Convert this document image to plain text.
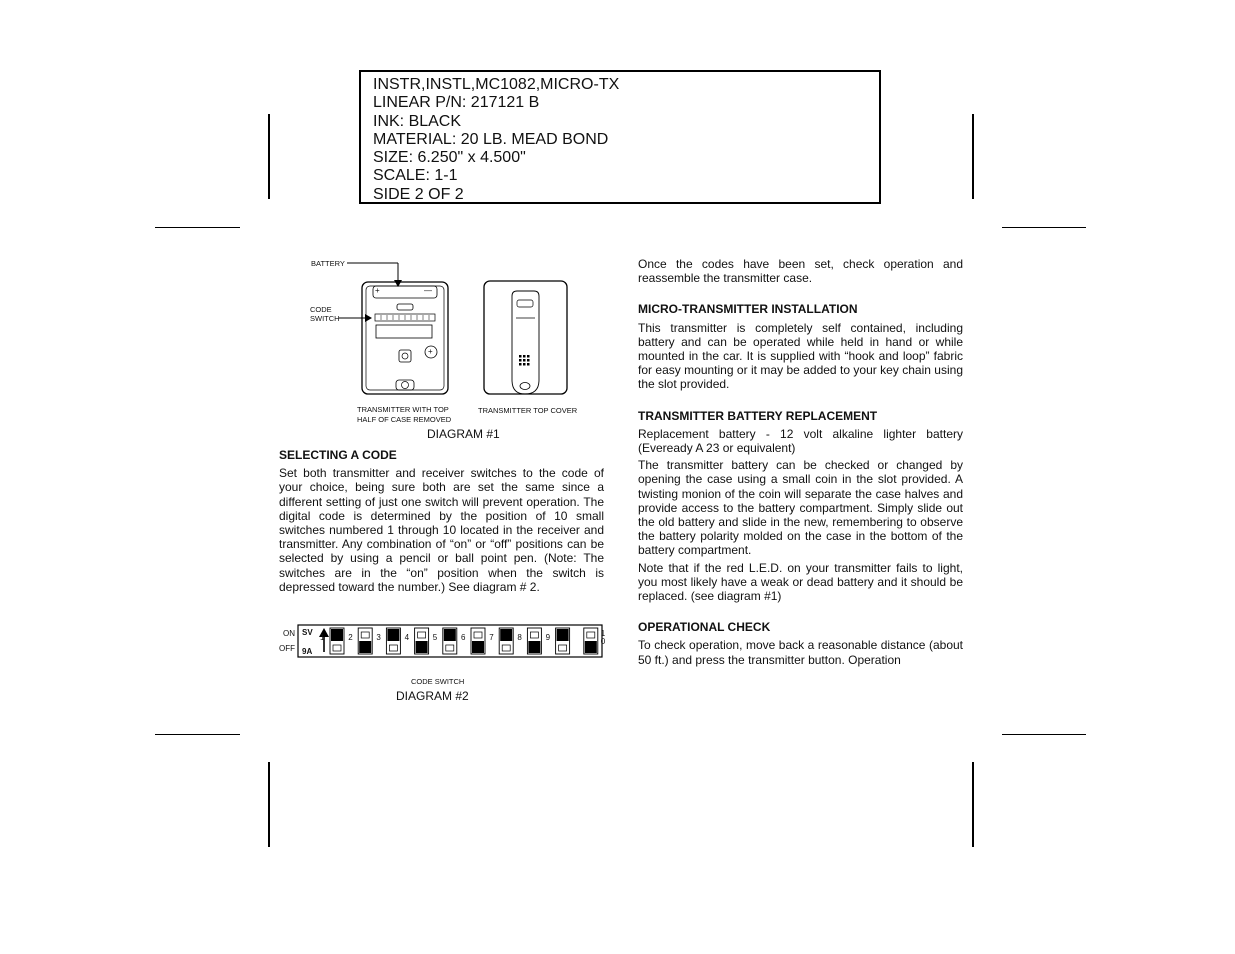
INSTR,INSTL,MC1082,MICRO-TX
LINEAR P/N: 217121 B
INK: BLACK
MATERIAL: 20 LB. MEAD BOND
SIZE: 6.250" x 4.500"
SCALE: 1-1
SIDE 2 OF 2
BATTERY
CODE
SWITCH
+	—
+
TRANSMITTER WITH TOP
HALF OF CASE REMOVED
TRANSMITTER TOP COVER
DIAGRAM #1
SELECTING A CODE

Set both transmitter and receiver switches to the code of your choice, being sure both are set the same since a different setting of just one switch will prevent operation. The digital code is determined by the position of 10 small switches numbered 1 through 10 located in the receiver and transmitter. Any combination of “on” or “off” positions can be selected by using a pencil or ball point pen. (Note: The switches are in the “on” position when the switch is depressed toward the number.) See diagram # 2.

ON
OFF
SV
9A
1	2	3	4	5	6	7	8	9	10
CODE SWITCH
DIAGRAM #2

Once the codes have been set, check operation and reassemble the transmitter case.

MICRO-TRANSMITTER INSTALLATION

This transmitter is completely self contained, including battery and can be operated while held in hand or while mounted in the car. It is supplied with “hook and loop” fabric for easy mounting or it may be added to your key chain using the slot provided.

TRANSMITTER BATTERY REPLACEMENT

Replacement battery - 12 volt alkaline lighter battery (Eveready A 23 or equivalent)

The transmitter battery can be checked or changed by opening the case using a small coin in the slot provided. A twisting monion of the coin will separate the case halves and provide access to the battery compartment. Simply slide out the old battery and slide in the new, remembering to observe the battery polarity molded on the case in the bottom of the battery compartment.

Note that if the red L.E.D. on your transmitter fails to light, you most likely have a weak or dead battery and it should be replaced. (see diagram #1)

OPERATIONAL CHECK

To check operation, move back a reasonable distance (about 50 ft.) and press the transmitter button. Operation
